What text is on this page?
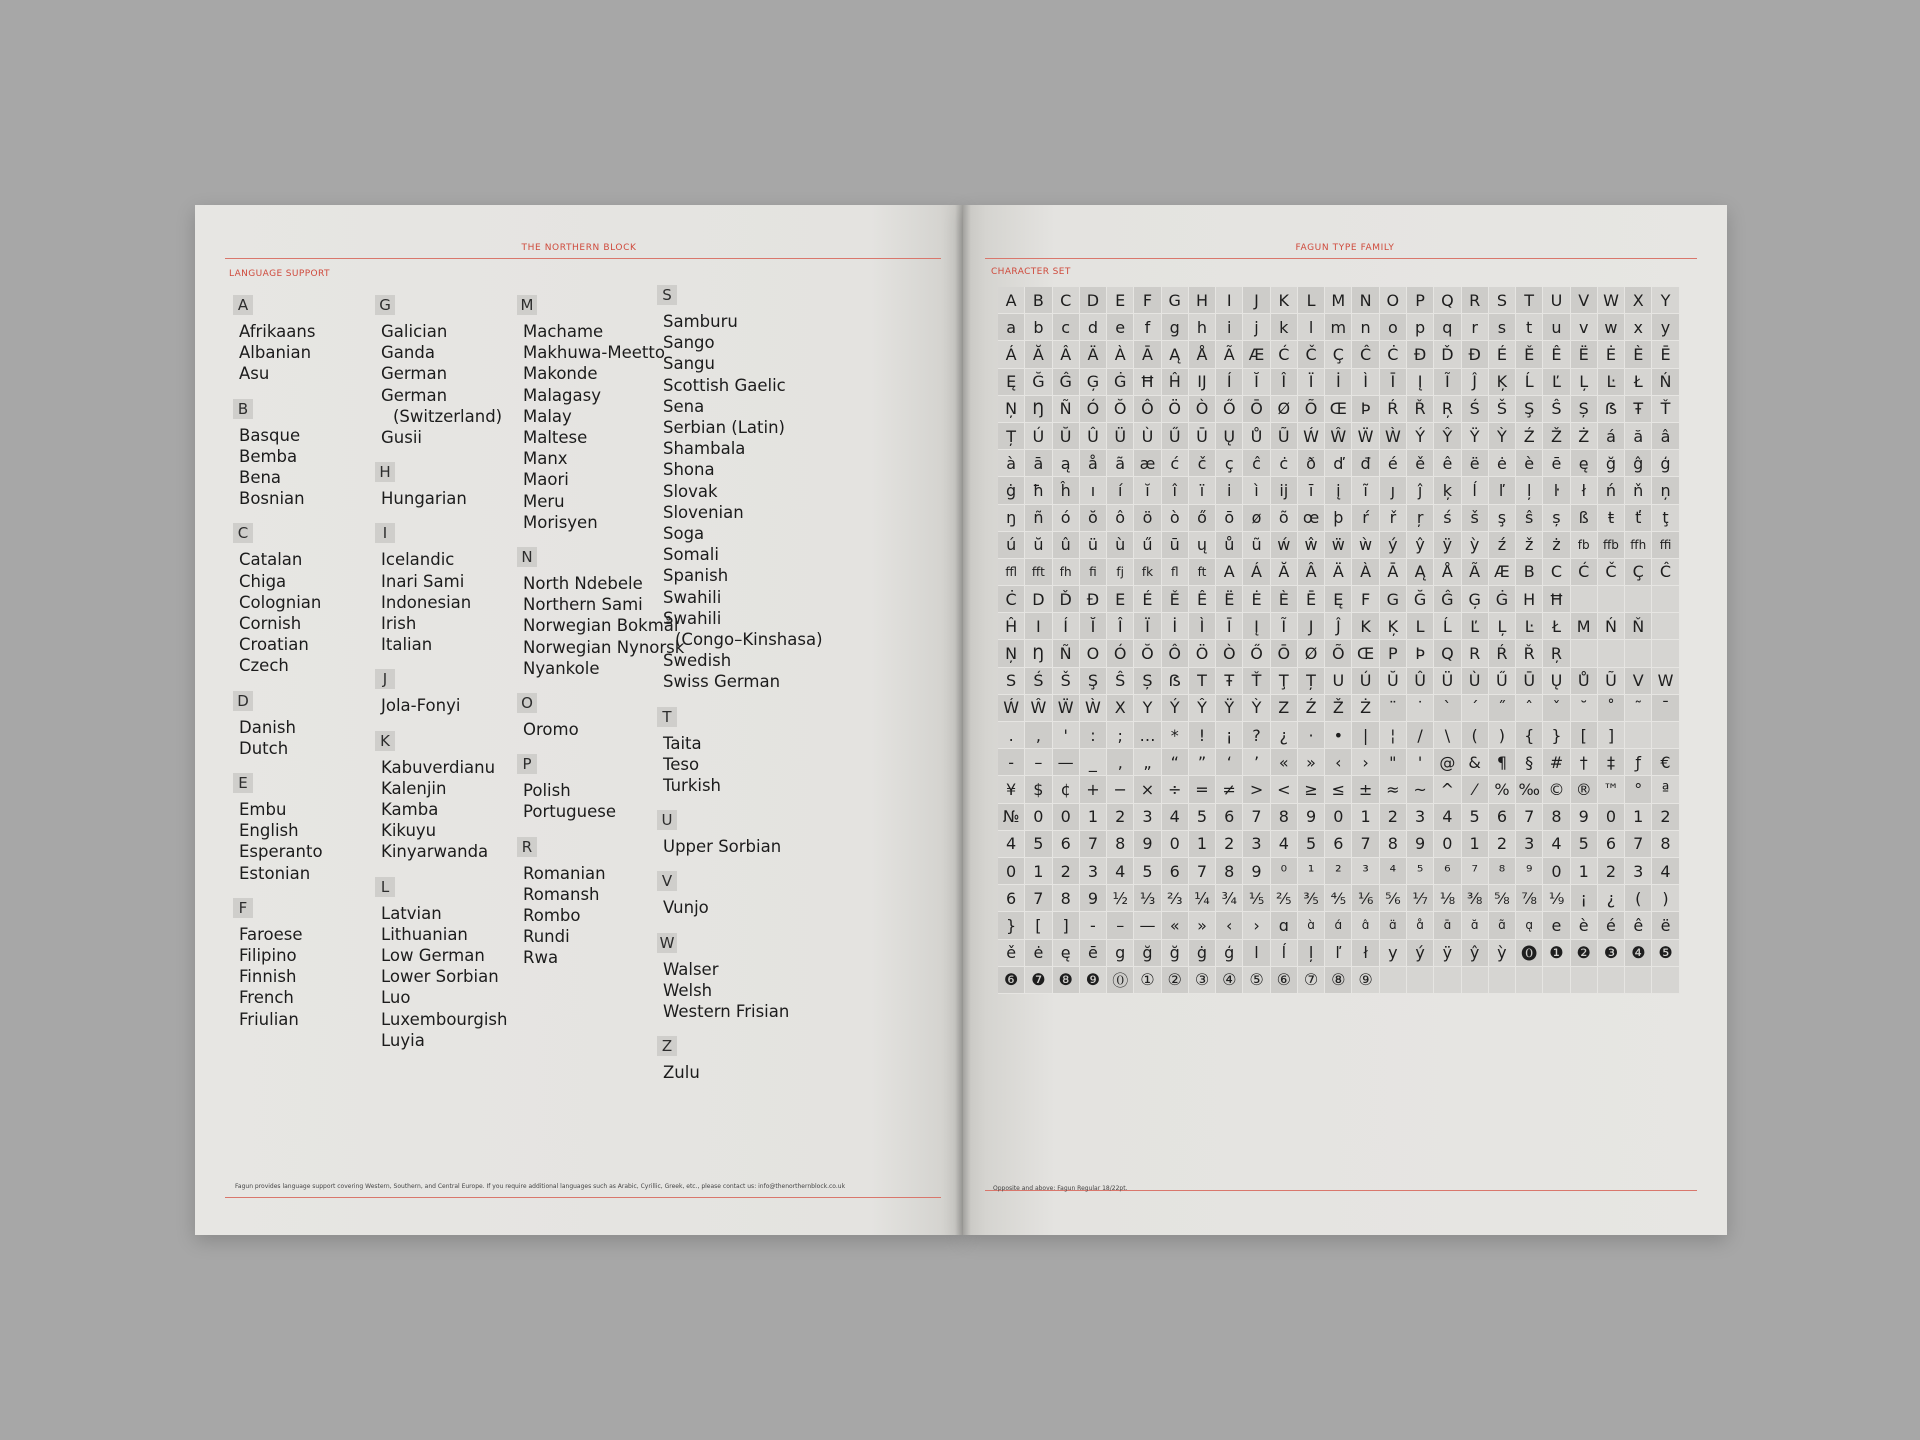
THE NORTHERN BLOCK
LANGUAGE SUPPORT
A
Afrikaans
Albanian
Asu
B
Basque
Bemba
Bena
Bosnian
C
Catalan
Chiga
Colognian
Cornish
Croatian
Czech
D
Danish
Dutch
E
Embu
English
Esperanto
Estonian
F
Faroese
Filipino
Finnish
French
Friulian
G
Galician
Ganda
German
German
(Switzerland)
Gusii
H
Hungarian
I
Icelandic
Inari Sami
Indonesian
Irish
Italian
J
Jola-Fonyi
K
Kabuverdianu
Kalenjin
Kamba
Kikuyu
Kinyarwanda
L
Latvian
Lithuanian
Low German
Lower Sorbian
Luo
Luxembourgish
Luyia
M
Machame
Makhuwa-Meetto
Makonde
Malagasy
Malay
Maltese
Manx
Maori
Meru
Morisyen
N
North Ndebele
Northern Sami
Norwegian Bokmål
Norwegian Nynorsk
Nyankole
O
Oromo
P
Polish
Portuguese
R
Romanian
Romansh
Rombo
Rundi
Rwa
S
Samburu
Sango
Sangu
Scottish Gaelic
Sena
Serbian (Latin)
Shambala
Shona
Slovak
Slovenian
Soga
Somali
Spanish
Swahili
Swahili
(Congo–Kinshasa)
Swedish
Swiss German
T
Taita
Teso
Turkish
U
Upper Sorbian
V
Vunjo
W
Walser
Welsh
Western Frisian
Z
Zulu
Fagun provides language support covering Western, Southern, and Central Europe. If you require additional languages such as Arabic, Cyrillic, Greek, etc., please contact us: info@thenorthernblock.co.uk
FAGUN TYPE FAMILY
CHARACTER SET
A	B	C D	E	F	G H	I	J	K	L M N O	P	Q R	S	T	U V W X	Y
a	b	c	d	e	f	g	h	i	j	k	l	m n	o	p	q	r	s	t	u	v w x	y
Á	Ă	Â	Ä	À	Ā	Ą	Å	Ã Æ Ć	Č	Ç	Ĉ	Ċ Ð Ď Đ	É	Ě	Ê	Ë	Ė	È	Ē
Ę	Ğ Ĝ Ģ Ġ Ħ Ĥ	Ĳ	Í	Ĭ	Î	Ï	İ	Ì	Ī	Į	Ĩ	Ĵ	Ķ	Ĺ	Ľ	Ļ	Ŀ	Ł	Ń
Ņ Ŋ Ñ Ó Ŏ Ô Ö Ò Ő Ō Ø Õ Œ Þ	Ŕ	Ř	Ŗ	Ś	Š	Ş	Ŝ	Ș	ẞ	Ŧ	Ť
Ț	Ú Ŭ Û Ü Ù Ű Ū Ų Ů Ũ Ẃ Ŵ Ẅ Ẁ Ý	Ŷ	Ÿ	Ỳ	Ź	Ž	Ż	á	ă	â
à	ā	ą	å	ã æ ć	č	ç	ĉ	ċ	ð	ď	đ	é	ě	ê	ë	ė	è	ē	ę	ğ	ĝ	ģ
ġ	ħ	ĥ	ı	í	ĭ	î	ï	i	ì	ĳ	ī	į	ĩ	ȷ	ĵ	ķ	ĺ	ľ	ļ	ŀ	ł	ń	ň	ņ
ŋ	ñ	ó	ŏ	ô	ö	ò	ő	ō	ø	õ œ þ	ŕ	ř	ŗ	ś	š	ş	ŝ	ș	ß	ŧ	ť	ţ
ú	ŭ	û	ü	ù	ű	ū	ų	ů	ũ ẃ ŵ ẅ ẁ ý	ŷ	ÿ	ỳ	ź	ž	ż	fb	ffb ffh	ffi
ffl	fft	fh	fi	fj	fk	fl	ft	A	Á	Ă	Â	Ä	À	Ā	Ą	Å	Ã Æ B	C	Ć	Č	Ç	Ĉ
Ċ D Ď Đ	E	É	Ě	Ê	Ë	Ė	È	Ē	Ę	F	G Ğ Ĝ Ģ Ġ H Ħ
Ĥ	I	Í	Ĭ	Î	Ï	İ	Ì	Ī	Į	Ĩ	J	Ĵ	K	Ķ	L	Ĺ	Ľ	Ļ	Ŀ	Ł M Ń Ň
Ņ Ŋ Ñ O Ó Ŏ Ô Ö Ò Ő Ō Ø Õ Œ P	Þ	Q R	Ŕ	Ř	Ŗ
S	Ś	Š	Ş	Ŝ	Ș	ẞ	T	Ŧ	Ť	Ţ	Ț	U Ú Ŭ Û Ü Ù Ű Ū Ų Ů Ũ V W
Ẃ Ŵ Ẅ Ẁ X	Y	Ý	Ŷ	Ÿ	Ỳ	Z	Ź	Ž	Ż	¨	˙	`	´	˝	ˆ	ˇ	˘	˚	˜	¯
.	,	'	:	;	… *	!	¡	?	¿	·	•	|	¦	/	\	(	)	{	}	[	]
-	– — _	‚	„	“	”	‘	’	«	»	‹	›	"	'	@ & ¶	§	#	†	‡	ƒ	€
¥	$	¢ + − × ÷ = ≠ > < ≥ ≤ ± ≈ ~ ^	⁄	% ‰ © ® ™ °	ª
№ 0	0	1	2	3	4	5	6	7	8	9	0	1	2	3	4	5	6	7	8	9	0	1	2
4	5	6	7	8	9	0	1	2	3	4	5	6	7	8	9	0	1	2	3	4	5	6	7	8
0	1	2	3	4	5	6	7	8	9	⁰	¹	²	³	⁴	⁵	⁶	⁷	⁸	⁹	0	1	2	3	4
6	7	8	9 ½ ⅓ ⅔ ¼ ¾ ⅕ ⅖ ⅗ ⅘ ⅙ ⅚ ⅐ ⅛ ⅜ ⅝ ⅞ ⅑	¡	¿	(	)
}	[	]	-	– — «	»	‹	›	ɑ	ɑ̀	ɑ́	ɑ̂	ɑ̈	ɑ̊	ɑ̄	ɑ̆	ɑ̃	ɑ̨	e	è	é	ê	ë
ě	ė	ę	ē	g	ğ	ğ	ġ	ģ	l	ĺ	ļ	ľ	ł	y	ý	ÿ	ŷ	ỳ ⓿ ❶ ❷ ❸ ❹ ❺
❻ ❼ ❽ ❾ ⓪ ① ② ③ ④ ⑤ ⑥ ⑦ ⑧ ⑨
Opposite and above: Fagun Regular 18/22pt.
